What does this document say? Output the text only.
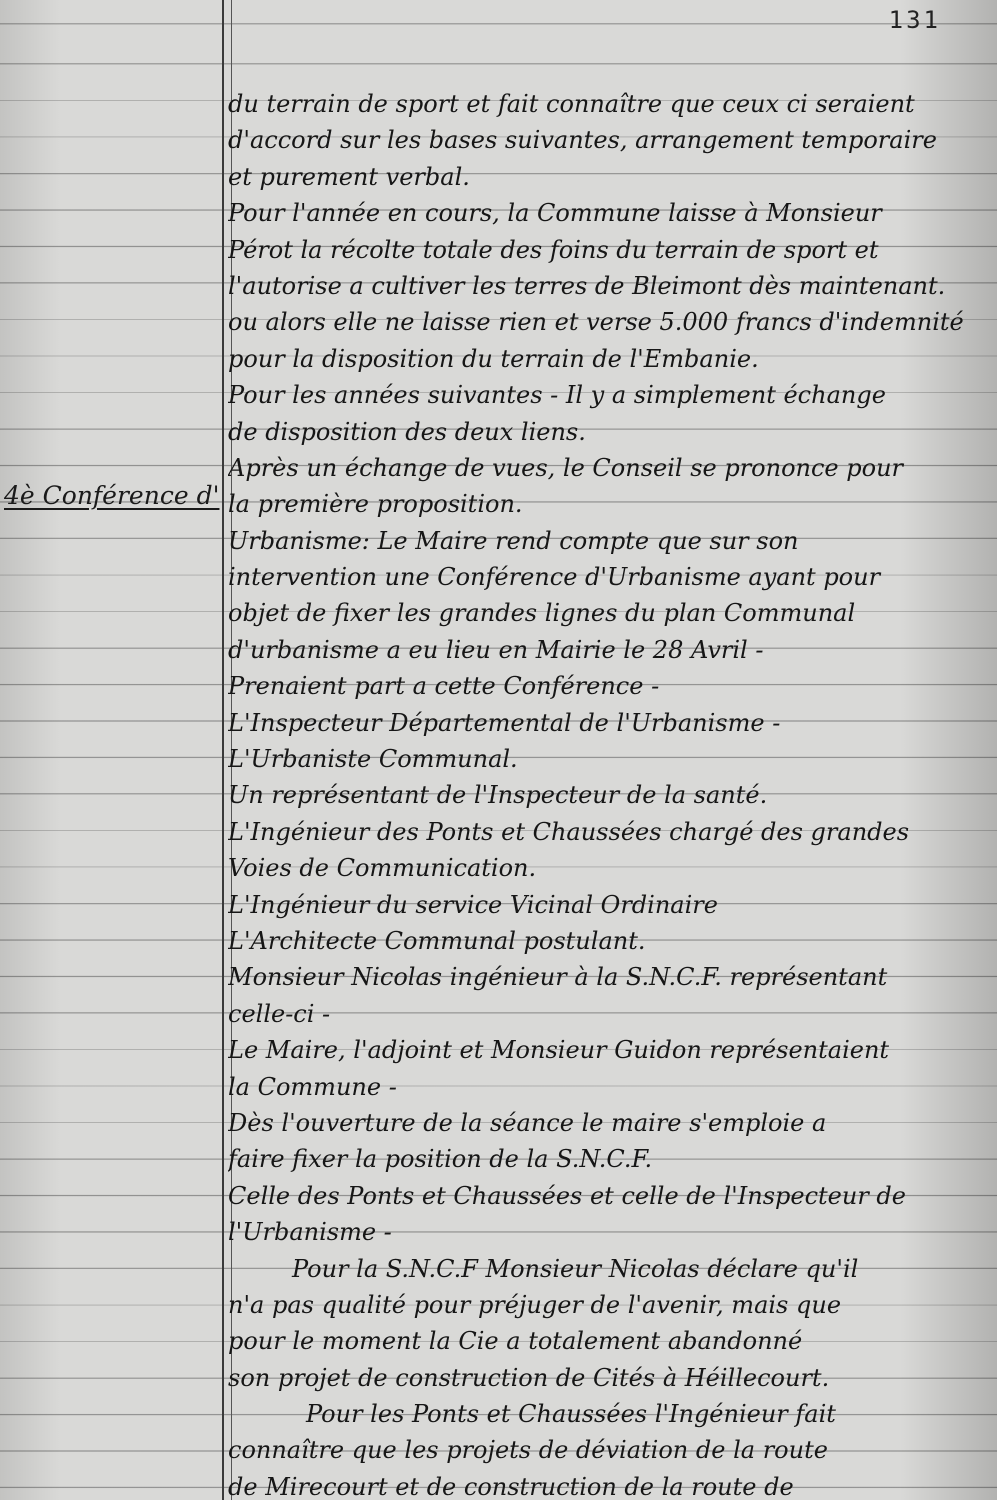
131
4è Conférence d'
du terrain de sport et fait connaître que ceux ci seraient
d'accord sur les bases suivantes, arrangement temporaire
et purement verbal.
Pour l'année en cours, la Commune laisse à Monsieur
Pérot la récolte totale des foins du terrain de sport et
l'autorise a cultiver les terres de Bleimont dès maintenant.
ou alors elle ne laisse rien et verse 5.000 francs d'indemnité
pour la disposition du terrain de l'Embanie.
Pour les années suivantes - Il y a simplement échange
de disposition des deux liens.
Après un échange de vues, le Conseil se prononce pour
la première proposition.
Urbanisme: Le Maire rend compte que sur son
intervention une Conférence d'Urbanisme ayant pour
objet de fixer les grandes lignes du plan Communal
d'urbanisme a eu lieu en Mairie le 28 Avril -
Prenaient part a cette Conférence -
L'Inspecteur Départemental de l'Urbanisme -
L'Urbaniste Communal.
Un représentant de l'Inspecteur de la santé.
L'Ingénieur des Ponts et Chaussées chargé des grandes
Voies de Communication.
L'Ingénieur du service Vicinal Ordinaire
L'Architecte Communal postulant.
Monsieur Nicolas ingénieur à la S.N.C.F. représentant
celle-ci -
Le Maire, l'adjoint et Monsieur Guidon représentaient
la Commune -
Dès l'ouverture de la séance le maire s'emploie a
faire fixer la position de la S.N.C.F.
Celle des Ponts et Chaussées et celle de l'Inspecteur de
l'Urbanisme -
Pour la S.N.C.F Monsieur Nicolas déclare qu'il
n'a pas qualité pour préjuger de l'avenir, mais que
pour le moment la Cie a totalement abandonné
son projet de construction de Cités à Héillecourt.
Pour les Ponts et Chaussées l'Ingénieur fait
connaître que les projets de déviation de la route
de Mirecourt et de construction de la route de
